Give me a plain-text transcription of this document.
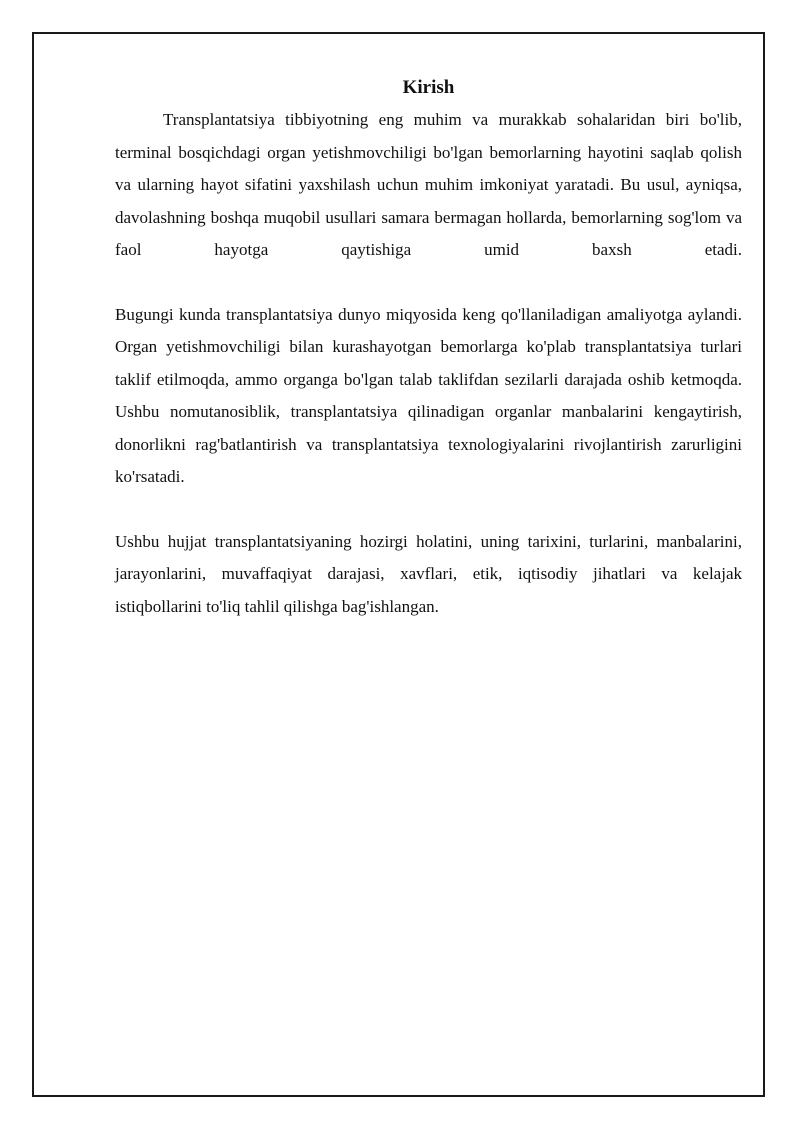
Kirish

Transplantatsiya tibbiyotning eng muhim va murakkab sohalaridan biri bo'lib, terminal bosqichdagi organ yetishmovchiligi bo'lgan bemorlarning hayotini saqlab qolish va ularning hayot sifatini yaxshilash uchun muhim imkoniyat yaratadi. Bu usul, ayniqsa, davolashning boshqa muqobil usullari samara bermagan hollarda, bemorlarning sog'lom va faol hayotga qaytishiga umid baxsh etadi.

Bugungi kunda transplantatsiya dunyo miqyosida keng qo'llaniladigan amaliyotga aylandi. Organ yetishmovchiligi bilan kurashayotgan bemorlarga ko'plab transplantatsiya turlari taklif etilmoqda, ammo organga bo'lgan talab taklifdan sezilarli darajada oshib ketmoqda. Ushbu nomutanosiblik, transplantatsiya qilinadigan organlar manbalarini kengaytirish, donorlikni rag'batlantirish va transplantatsiya texnologiyalarini rivojlantirish zarurligini ko'rsatadi.

Ushbu hujjat transplantatsiyaning hozirgi holatini, uning tarixini, turlarini, manbalarini, jarayonlarini, muvaffaqiyat darajasi, xavflari, etik, iqtisodiy jihatlari va kelajak istiqbollarini to'liq tahlil qilishga bag'ishlangan.
